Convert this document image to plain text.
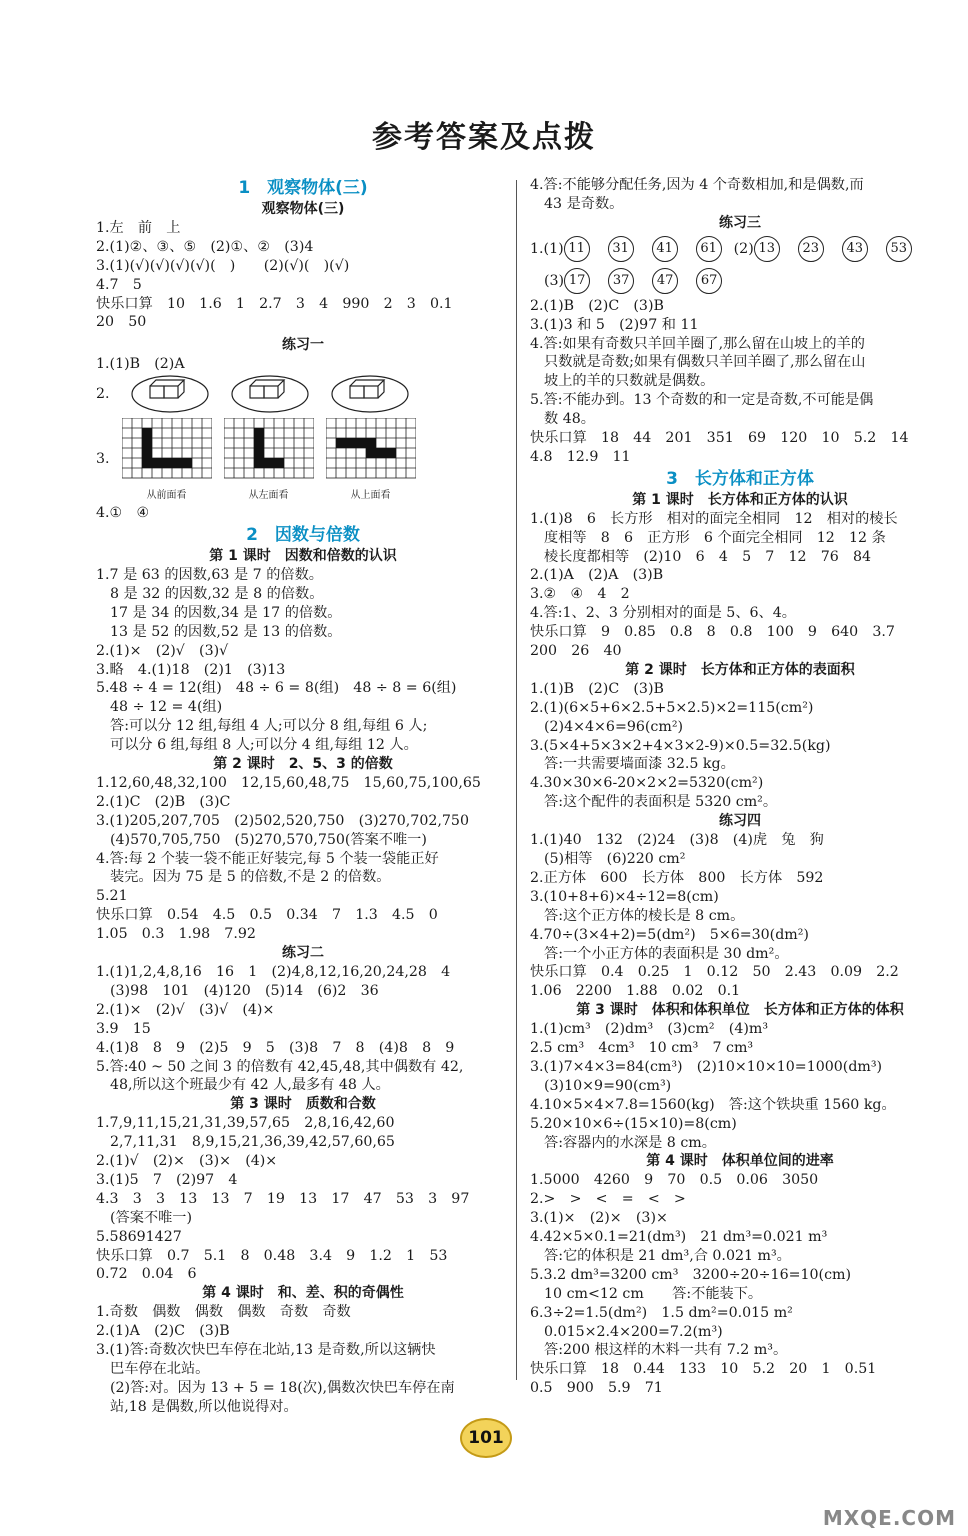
参考答案及点拨
1　观察物体(三)
观察物体(三)
1.左　前　上
2.(1)②、③、⑤　(2)①、②　(3)4
3.(1)(√)(√)(√)(√)(　)　　(2)(√)(　)(√)
4.7　5
快乐口算　10　1.6　1　2.7　3　4　990　2　3　0.1
20　50
练习一
1.(1)B　(2)A
2.
3.
从前面看	从左面看	从上面看
4.①　④
2　因数与倍数
第 1 课时　因数和倍数的认识
1.7 是 63 的因数,63 是 7 的倍数。
8 是 32 的因数,32 是 8 的倍数。
17 是 34 的因数,34 是 17 的倍数。
13 是 52 的因数,52 是 13 的倍数。
2.(1)×　(2)√　(3)√
3.略　4.(1)18　(2)1　(3)13
5.48 ÷ 4 = 12(组)　48 ÷ 6 = 8(组)　48 ÷ 8 = 6(组)
48 ÷ 12 = 4(组)
答:可以分 12 组,每组 4 人;可以分 8 组,每组 6 人;
可以分 6 组,每组 8 人;可以分 4 组,每组 12 人。
第 2 课时　2、5、3 的倍数
1.12,60,48,32,100　12,15,60,48,75　15,60,75,100,65
2.(1)C　(2)B　(3)C
3.(1)205,207,705　(2)502,520,750　(3)270,702,750
(4)570,705,750　(5)270,570,750(答案不唯一)
4.答:每 2 个装一袋不能正好装完,每 5 个装一袋能正好
装完。因为 75 是 5 的倍数,不是 2 的倍数。
5.21
快乐口算　0.54　4.5　0.5　0.34　7　1.3　4.5　0
1.05　0.3　1.98　7.92
练习二
1.(1)1,2,4,8,16　16　1　(2)4,8,12,16,20,24,28　4
(3)98　101　(4)120　(5)14　(6)2　36
2.(1)×　(2)√　(3)√　(4)×
3.9　15
4.(1)8　8　9　(2)5　9　5　(3)8　7　8　(4)8　8　9
5.答:40 ~ 50 之间 3 的倍数有 42,45,48,其中偶数有 42,
48,所以这个班最少有 42 人,最多有 48 人。
第 3 课时　质数和合数
1.7,9,11,15,21,31,39,57,65　2,8,16,42,60
2,7,11,31　8,9,15,21,36,39,42,57,60,65
2.(1)√　(2)×　(3)×　(4)×
3.(1)5　7　(2)97　4
4.3　3　3　13　13　7　19　13　17　47　53　3　97
(答案不唯一)
5.58691427
快乐口算　0.7　5.1　8　0.48　3.4　9　1.2　1　53
0.72　0.04　6
第 4 课时　和、差、积的奇偶性
1.奇数　偶数　偶数　偶数　奇数　奇数
2.(1)A　(2)C　(3)B
3.(1)答:奇数次快巴车停在北站,13 是奇数,所以这辆快
巴车停在北站。
(2)答:对。因为 13 + 5 = 18(次),偶数次快巴车停在南
站,18 是偶数,所以他说得对。
4.答:不能够分配任务,因为 4 个奇数相加,和是偶数,而
43 是奇数。
练习三
1.(1) 11	31	41	61	(2) 13	23	43	53
(3) 17	37	47	67
2.(1)B　(2)C　(3)B
3.(1)3 和 5　(2)97 和 11
4.答:如果有奇数只羊回羊圈了,那么留在山坡上的羊的
只数就是奇数;如果有偶数只羊回羊圈了,那么留在山
坡上的羊的只数就是偶数。
5.答:不能办到。13 个奇数的和一定是奇数,不可能是偶
数 48。
快乐口算　18　44　201　351　69　120　10　5.2　14
4.8　12.9　11
3　长方体和正方体
第 1 课时　长方体和正方体的认识
1.(1)8　6　长方形　相对的面完全相同　12　相对的棱长
度相等　8　6　正方形　6 个面完全相同　12　12 条
棱长度都相等　(2)10　6　4　5　7　12　76　84
2.(1)A　(2)A　(3)B
3.②　④　4　2
4.答:1、2、3 分别相对的面是 5、6、4。
快乐口算　9　0.85　0.8　8　0.8　100　9　640　3.7
200　26　40
第 2 课时　长方体和正方体的表面积
1.(1)B　(2)C　(3)B
2.(1)(6×5+6×2.5+5×2.5)×2=115(cm²)
(2)4×4×6=96(cm²)
3.(5×4+5×3×2+4×3×2-9)×0.5=32.5(kg)
答:一共需要墙面漆 32.5 kg。
4.30×30×6-20×2×2=5320(cm²)
答:这个配件的表面积是 5320 cm²。
练习四
1.(1)40　132　(2)24　(3)8　(4)虎　兔　狗
(5)相等　(6)220 cm²
2.正方体　600　长方体　800　长方体　592
3.(10+8+6)×4÷12=8(cm)
答:这个正方体的棱长是 8 cm。
4.70÷(3×4+2)=5(dm²)　5×6=30(dm²)
答:一个小正方体的表面积是 30 dm²。
快乐口算　0.4　0.25　1　0.12　50　2.43　0.09　2.2
1.06　2200　1.88　0.02　0.1
第 3 课时　体积和体积单位　长方体和正方体的体积
1.(1)cm³　(2)dm³　(3)cm²　(4)m³
2.5 cm³　4cm³　10 cm³　7 cm³
3.(1)7×4×3=84(cm³)　(2)10×10×10=1000(dm³)
(3)10×9=90(cm³)
4.10×5×4×7.8=1560(kg)　答:这个铁块重 1560 kg。
5.20×10×6÷(15×10)=8(cm)
答:容器内的水深是 8 cm。
第 4 课时　体积单位间的进率
1.5000　4260　9　70　0.5　0.06　3050
2.>　>　<　=　<　>
3.(1)×　(2)×　(3)×
4.42×5×0.1=21(dm³)　21 dm³=0.021 m³
答:它的体积是 21 dm³,合 0.021 m³。
5.3.2 dm³=3200 cm³　3200÷20÷16=10(cm)
10 cm<12 cm　　答:不能装下。
6.3÷2=1.5(dm²)　1.5 dm²=0.015 m²
0.015×2.4×200=7.2(m³)
答:200 根这样的木料一共有 7.2 m³。
快乐口算　18　0.44　133　10　5.2　20　1　0.51
0.5　900　5.9　71
101
MXQE.COM
